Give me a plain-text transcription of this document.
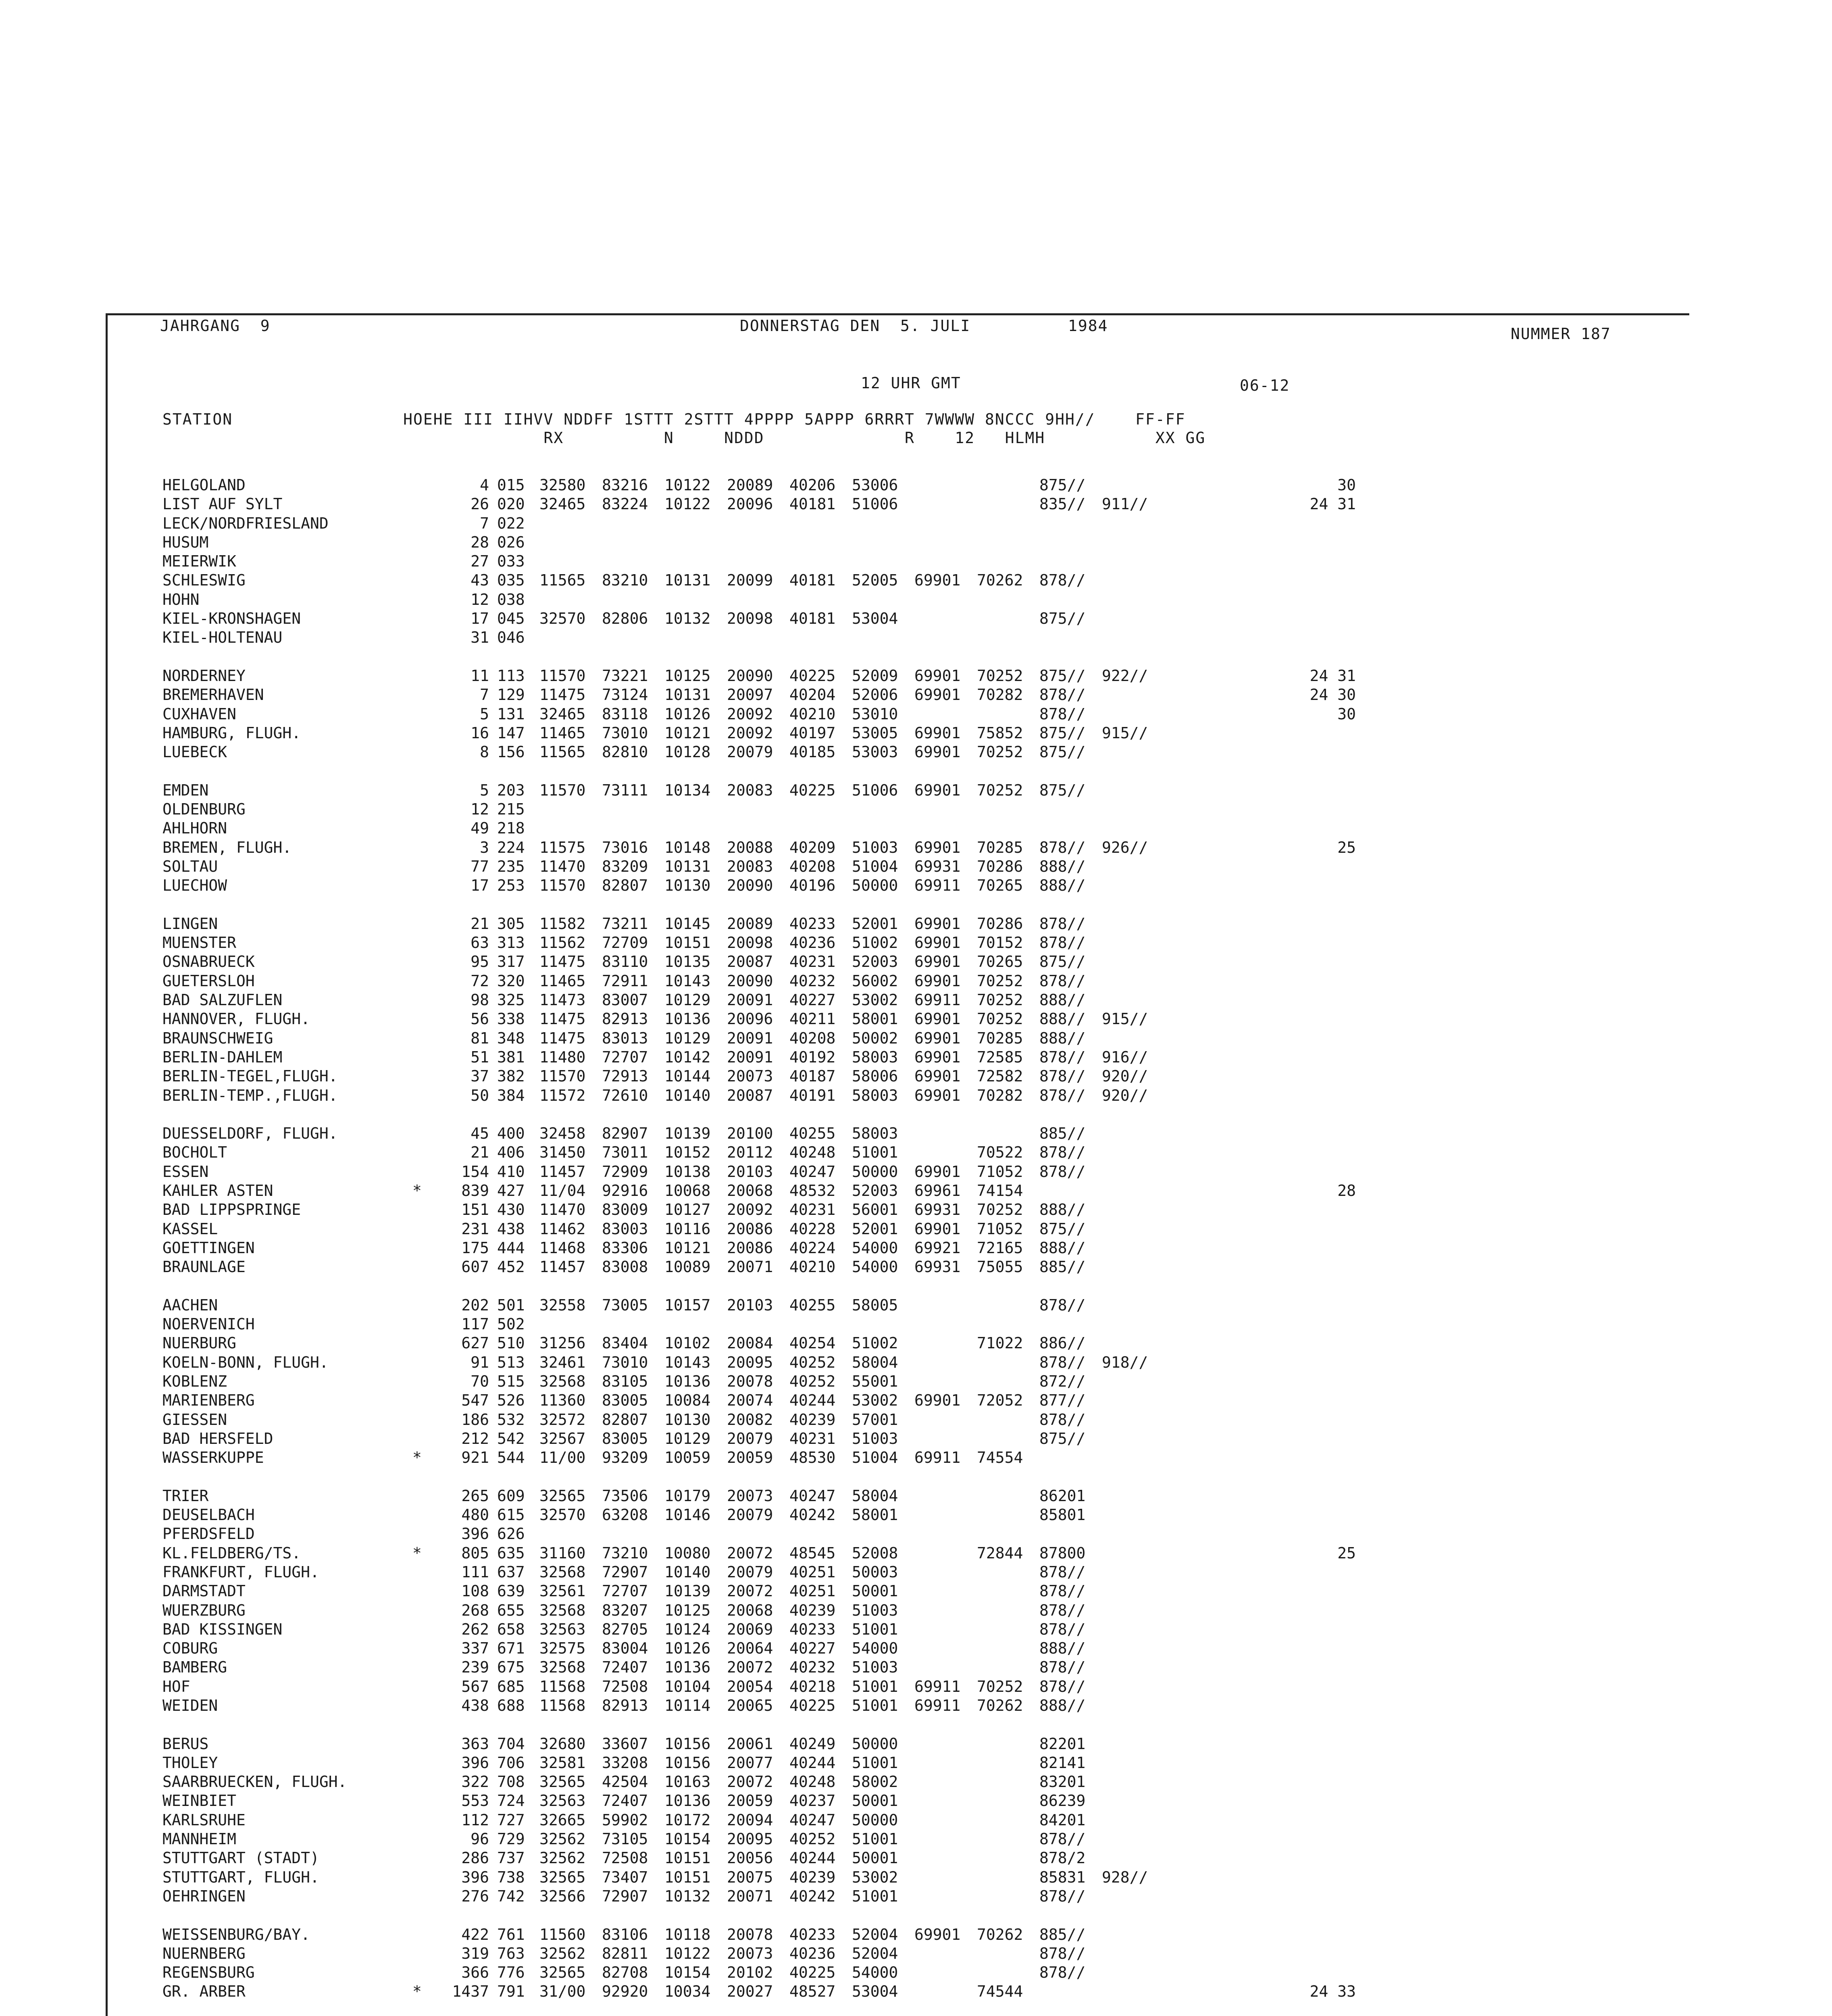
JAHRGANG  9	DONNERSTAG DEN  5. JULI	1984	NUMMER 187
12 UHR GMT	06-12
STATION                 HOEHE III IIHVV NDDFF 1STTT 2STTT 4PPPP 5APPP 6RRRT 7WWWW 8NCCC 9HH//    FF-FF
RX          N     NDDD              R    12   HLMH           XX GG
HELGOLAND	4 015 32580 83216 10122 20089 40206 53006	875//	30
LIST AUF SYLT	26 020 32465 83224 10122 20096 40181 51006	835// 911//	24 31
LECK/NORDFRIESLAND	7 022
HUSUM	28 026
MEIERWIK	27 033
SCHLESWIG	43 035 11565 83210 10131 20099 40181 52005 69901 70262 878//
HOHN	12 038
KIEL-KRONSHAGEN	17 045 32570 82806 10132 20098 40181 53004	875//
KIEL-HOLTENAU	31 046
NORDERNEY	11 113 11570 73221 10125 20090 40225 52009 69901 70252 875// 922//	24 31
BREMERHAVEN	7 129 11475 73124 10131 20097 40204 52006 69901 70282 878//	24 30
CUXHAVEN	5 131 32465 83118 10126 20092 40210 53010	878//	30
HAMBURG, FLUGH.	16 147 11465 73010 10121 20092 40197 53005 69901 75852 875// 915//
LUEBECK	8 156 11565 82810 10128 20079 40185 53003 69901 70252 875//
EMDEN	5 203 11570 73111 10134 20083 40225 51006 69901 70252 875//
OLDENBURG	12 215
AHLHORN	49 218
BREMEN, FLUGH.	3 224 11575 73016 10148 20088 40209 51003 69901 70285 878// 926//	25
SOLTAU	77 235 11470 83209 10131 20083 40208 51004 69931 70286 888//
LUECHOW	17 253 11570 82807 10130 20090 40196 50000 69911 70265 888//
LINGEN	21 305 11582 73211 10145 20089 40233 52001 69901 70286 878//
MUENSTER	63 313 11562 72709 10151 20098 40236 51002 69901 70152 878//
OSNABRUECK	95 317 11475 83110 10135 20087 40231 52003 69901 70265 875//
GUETERSLOH	72 320 11465 72911 10143 20090 40232 56002 69901 70252 878//
BAD SALZUFLEN	98 325 11473 83007 10129 20091 40227 53002 69911 70252 888//
HANNOVER, FLUGH.	56 338 11475 82913 10136 20096 40211 58001 69901 70252 888// 915//
BRAUNSCHWEIG	81 348 11475 83013 10129 20091 40208 50002 69901 70285 888//
BERLIN-DAHLEM	51 381 11480 72707 10142 20091 40192 58003 69901 72585 878// 916//
BERLIN-TEGEL,FLUGH.	37 382 11570 72913 10144 20073 40187 58006 69901 72582 878// 920//
BERLIN-TEMP.,FLUGH.	50 384 11572 72610 10140 20087 40191 58003 69901 70282 878// 920//
DUESSELDORF, FLUGH.	45 400 32458 82907 10139 20100 40255 58003	885//
BOCHOLT	21 406 31450 73011 10152 20112 40248 51001	70522 878//
ESSEN	154 410 11457 72909 10138 20103 40247 50000 69901 71052 878//
KAHLER ASTEN	*	839 427 11/04 92916 10068 20068 48532 52003 69961 74154	28
BAD LIPPSPRINGE	151 430 11470 83009 10127 20092 40231 56001 69931 70252 888//
KASSEL	231 438 11462 83003 10116 20086 40228 52001 69901 71052 875//
GOETTINGEN	175 444 11468 83306 10121 20086 40224 54000 69921 72165 888//
BRAUNLAGE	607 452 11457 83008 10089 20071 40210 54000 69931 75055 885//
AACHEN	202 501 32558 73005 10157 20103 40255 58005	878//
NOERVENICH	117 502
NUERBURG	627 510 31256 83404 10102 20084 40254 51002	71022 886//
KOELN-BONN, FLUGH.	91 513 32461 73010 10143 20095 40252 58004	878// 918//
KOBLENZ	70 515 32568 83105 10136 20078 40252 55001	872//
MARIENBERG	547 526 11360 83005 10084 20074 40244 53002 69901 72052 877//
GIESSEN	186 532 32572 82807 10130 20082 40239 57001	878//
BAD HERSFELD	212 542 32567 83005 10129 20079 40231 51003	875//
WASSERKUPPE	*	921 544 11/00 93209 10059 20059 48530 51004 69911 74554
TRIER	265 609 32565 73506 10179 20073 40247 58004	86201
DEUSELBACH	480 615 32570 63208 10146 20079 40242 58001	85801
PFERDSFELD	396 626
KL.FELDBERG/TS.	*	805 635 31160 73210 10080 20072 48545 52008	72844 87800	25
FRANKFURT, FLUGH.	111 637 32568 72907 10140 20079 40251 50003	878//
DARMSTADT	108 639 32561 72707 10139 20072 40251 50001	878//
WUERZBURG	268 655 32568 83207 10125 20068 40239 51003	878//
BAD KISSINGEN	262 658 32563 82705 10124 20069 40233 51001	878//
COBURG	337 671 32575 83004 10126 20064 40227 54000	888//
BAMBERG	239 675 32568 72407 10136 20072 40232 51003	878//
HOF	567 685 11568 72508 10104 20054 40218 51001 69911 70252 878//
WEIDEN	438 688 11568 82913 10114 20065 40225 51001 69911 70262 888//
BERUS	363 704 32680 33607 10156 20061 40249 50000	82201
THOLEY	396 706 32581 33208 10156 20077 40244 51001	82141
SAARBRUECKEN, FLUGH.	322 708 32565 42504 10163 20072 40248 58002	83201
WEINBIET	553 724 32563 72407 10136 20059 40237 50001	86239
KARLSRUHE	112 727 32665 59902 10172 20094 40247 50000	84201
MANNHEIM	96 729 32562 73105 10154 20095 40252 51001	878//
STUTTGART (STADT)	286 737 32562 72508 10151 20056 40244 50001	878/2
STUTTGART, FLUGH.	396 738 32565 73407 10151 20075 40239 53002	85831 928//
OEHRINGEN	276 742 32566 72907 10132 20071 40242 51001	878//
WEISSENBURG/BAY.	422 761 11560 83106 10118 20078 40233 52004 69901 70262 885//
NUERNBERG	319 763 32562 82811 10122 20073 40236 52004	878//
REGENSBURG	366 776 32565 82708 10154 20102 40225 54000	878//
GR. ARBER	*	1437 791 31/00 92920 10034 20027 48527 53004	74544	24 33
